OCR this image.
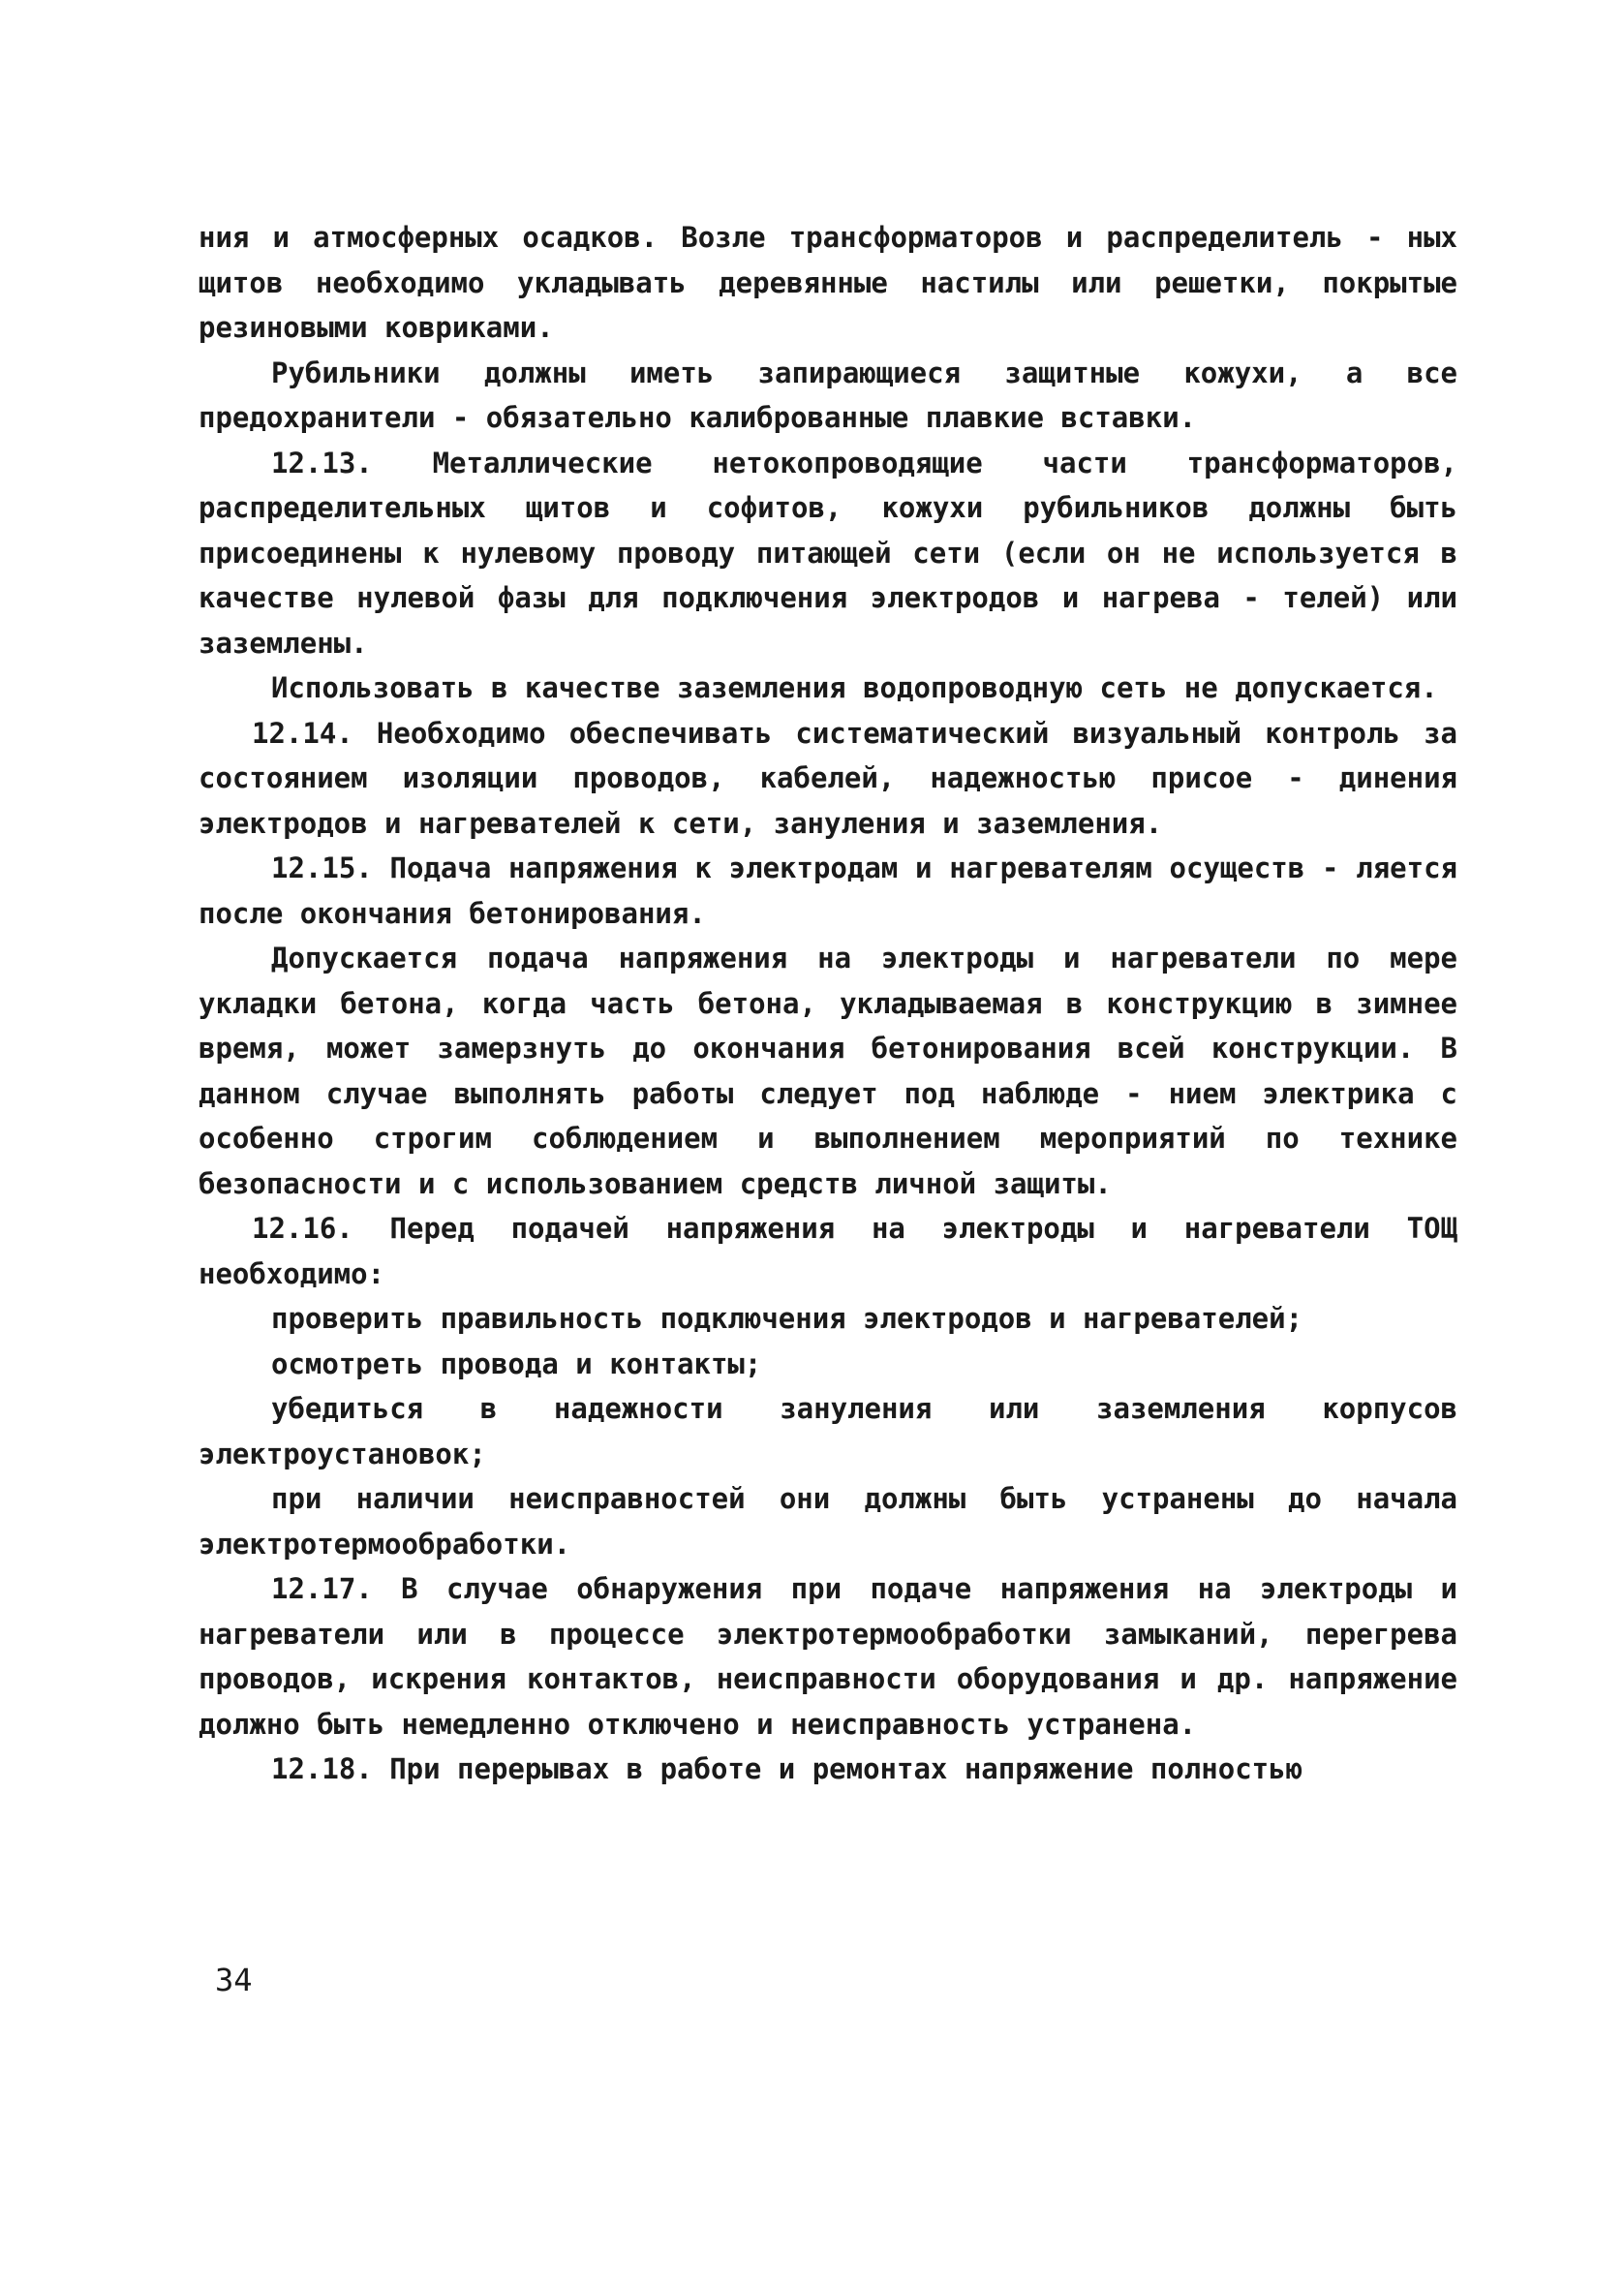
ния и атмосферных осадков. Возле трансформаторов и распределитель - ных щитов необходимо укладывать деревянные настилы или решетки, покрытые резиновыми ковриками.

Рубильники должны иметь запирающиеся защитные кожухи, а все предохранители - обязательно калиброванные плавкие вставки.

12.13. Металлические нетокопроводящие части трансформаторов, распределительных щитов и софитов, кожухи рубильников должны быть присоединены к нулевому проводу питающей сети (если он не используется в качестве нулевой фазы для подключения электродов и нагрева - телей) или заземлены.

Использовать в качестве заземления водопроводную сеть не допускается.

12.14. Необходимо обеспечивать систематический визуальный контроль за состоянием изоляции проводов, кабелей, надежностью присое - динения электродов и нагревателей к сети, зануления и заземления.

12.15. Подача напряжения к электродам и нагревателям осуществ - ляется после окончания бетонирования.

Допускается подача напряжения на электроды и нагреватели по мере укладки бетона, когда часть бетона, укладываемая в конструкцию в зимнее время, может замерзнуть до окончания бетонирования всей конструкции. В данном случае выполнять работы следует под наблюде - нием электрика с особенно строгим соблюдением и выполнением мероприятий по технике безопасности и с использованием средств личной защиты.

12.16. Перед подачей напряжения на электроды и нагреватели ТОЩ необходимо:

проверить правильность подключения электродов и нагревателей;

осмотреть провода и контакты;

убедиться в надежности зануления или заземления корпусов электроустановок;

при наличии неисправностей они должны быть устранены до начала электротермообработки.

12.17. В случае обнаружения при подаче напряжения на электроды и нагреватели или в процессе электротермообработки замыканий, перегрева проводов, искрения контактов, неисправности оборудования и др. напряжение должно быть немедленно отключено и неисправность устранена.

12.18. При перерывах в работе и ремонтах напряжение полностью

34
